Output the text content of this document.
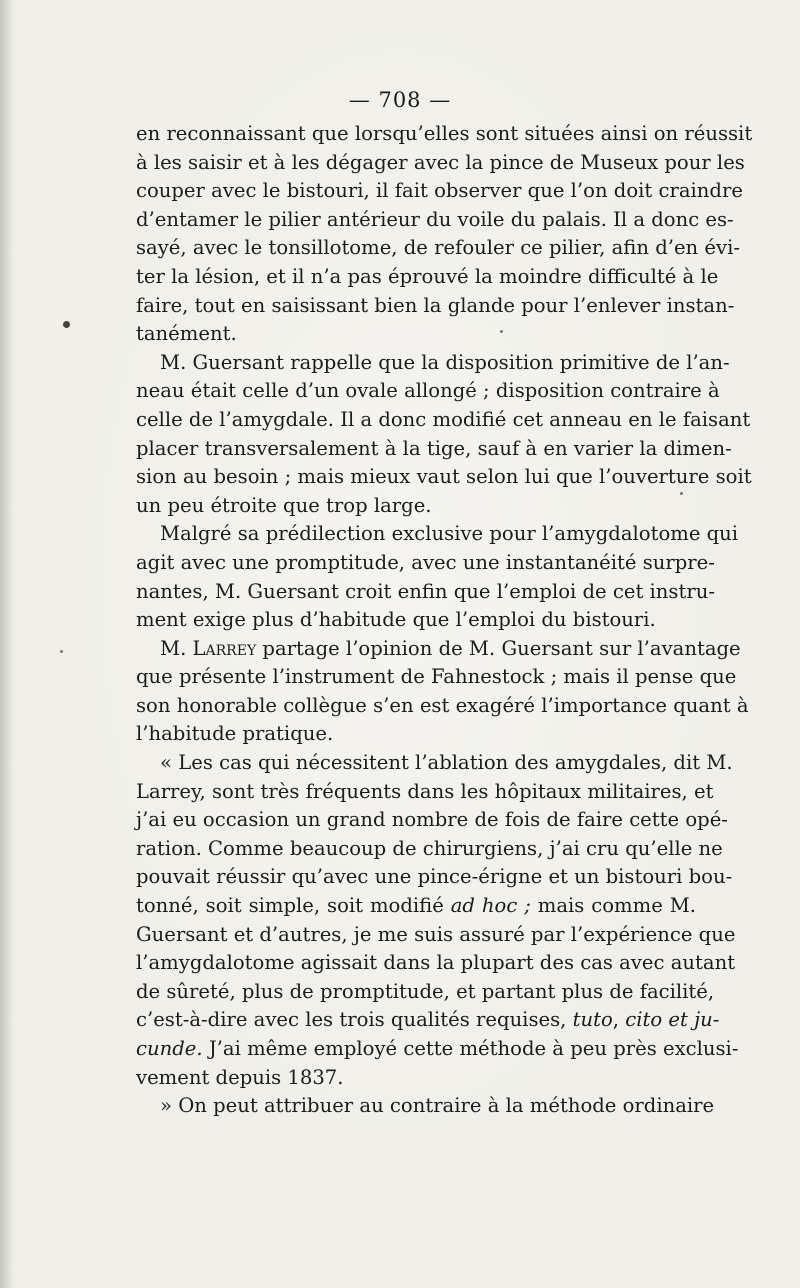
— 708 —
en reconnaissant que lorsqu’elles sont situées ainsi on réussit
à les saisir et à les dégager avec la pince de Museux pour les
couper avec le bistouri, il fait observer que l’on doit craindre
d’entamer le pilier antérieur du voile du palais. Il a donc es-
sayé, avec le tonsillotome, de refouler ce pilier, afin d’en évi-
ter la lésion, et il n’a pas éprouvé la moindre difficulté à le
faire, tout en saisissant bien la glande pour l’enlever instan-
tanément.
M. Guersant rappelle que la disposition primitive de l’an-
neau était celle d’un ovale allongé ; disposition contraire à
celle de l’amygdale. Il a donc modifié cet anneau en le faisant
placer transversalement à la tige, sauf à en varier la dimen-
sion au besoin ; mais mieux vaut selon lui que l’ouverture soit
un peu étroite que trop large.
Malgré sa prédilection exclusive pour l’amygdalotome qui
agit avec une promptitude, avec une instantanéité surpre-
nantes, M. Guersant croit enfin que l’emploi de cet instru-
ment exige plus d’habitude que l’emploi du bistouri.
M. Larrey partage l’opinion de M. Guersant sur l’avantage
que présente l’instrument de Fahnestock ; mais il pense que
son honorable collègue s’en est exagéré l’importance quant à
l’habitude pratique.
« Les cas qui nécessitent l’ablation des amygdales, dit M.
Larrey, sont très fréquents dans les hôpitaux militaires, et
j’ai eu occasion un grand nombre de fois de faire cette opé-
ration. Comme beaucoup de chirurgiens, j’ai cru qu’elle ne
pouvait réussir qu’avec une pince-érigne et un bistouri bou-
tonné, soit simple, soit modifié ad hoc ; mais comme M.
Guersant et d’autres, je me suis assuré par l’expérience que
l’amygdalotome agissait dans la plupart des cas avec autant
de sûreté, plus de promptitude, et partant plus de facilité,
c’est-à-dire avec les trois qualités requises, tuto, cito et ju-
cunde. J’ai même employé cette méthode à peu près exclusi-
vement depuis 1837.
» On peut attribuer au contraire à la méthode ordinaire
